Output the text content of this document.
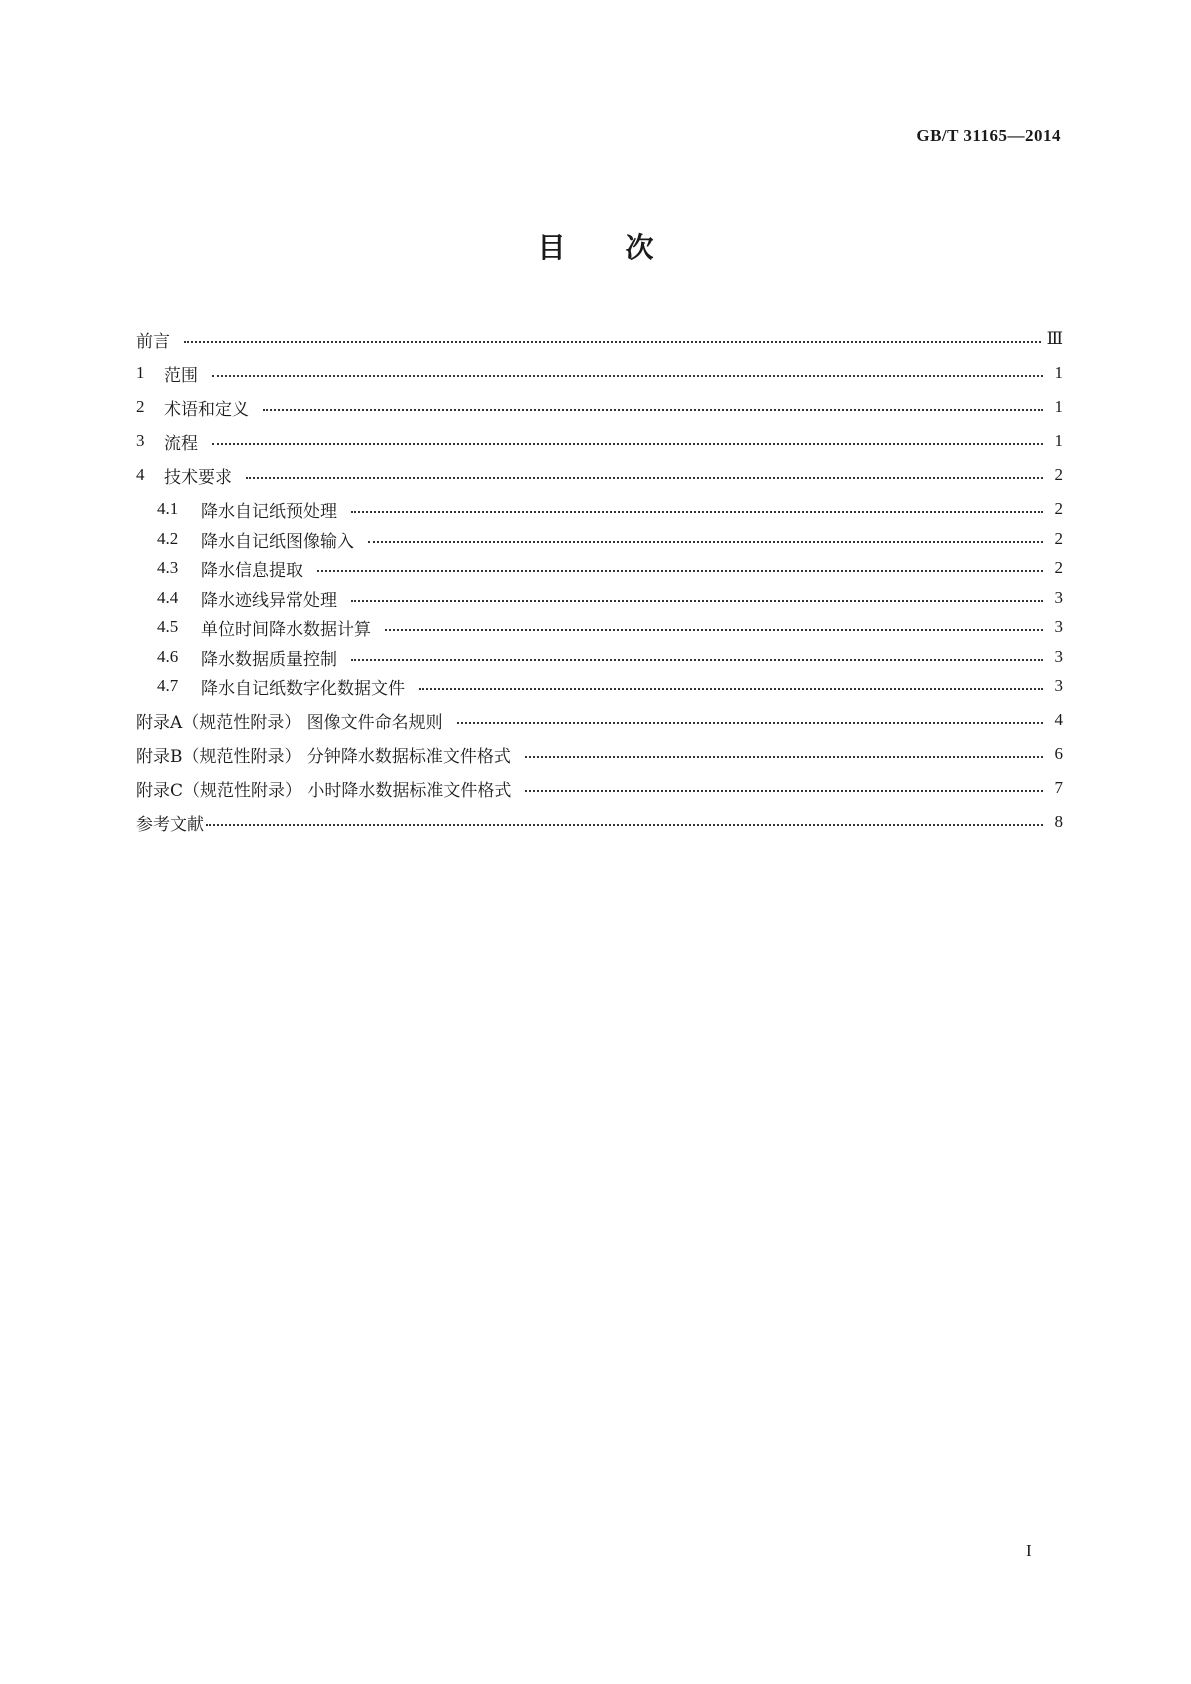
GB/T 31165—2014
目次
前言	Ⅲ
1	范围	1
2	术语和定义	1
3	流程	1
4	技术要求	2
4.1	降水自记纸预处理	2
4.2	降水自记纸图像输入	2
4.3	降水信息提取	2
4.4	降水迹线异常处理	3
4.5	单位时间降水数据计算	3
4.6	降水数据质量控制	3
4.7	降水自记纸数字化数据文件	3
附录A（规范性附录） 图像文件命名规则	4
附录B（规范性附录） 分钟降水数据标准文件格式	6
附录C（规范性附录） 小时降水数据标准文件格式	7
参考文献	8
I
